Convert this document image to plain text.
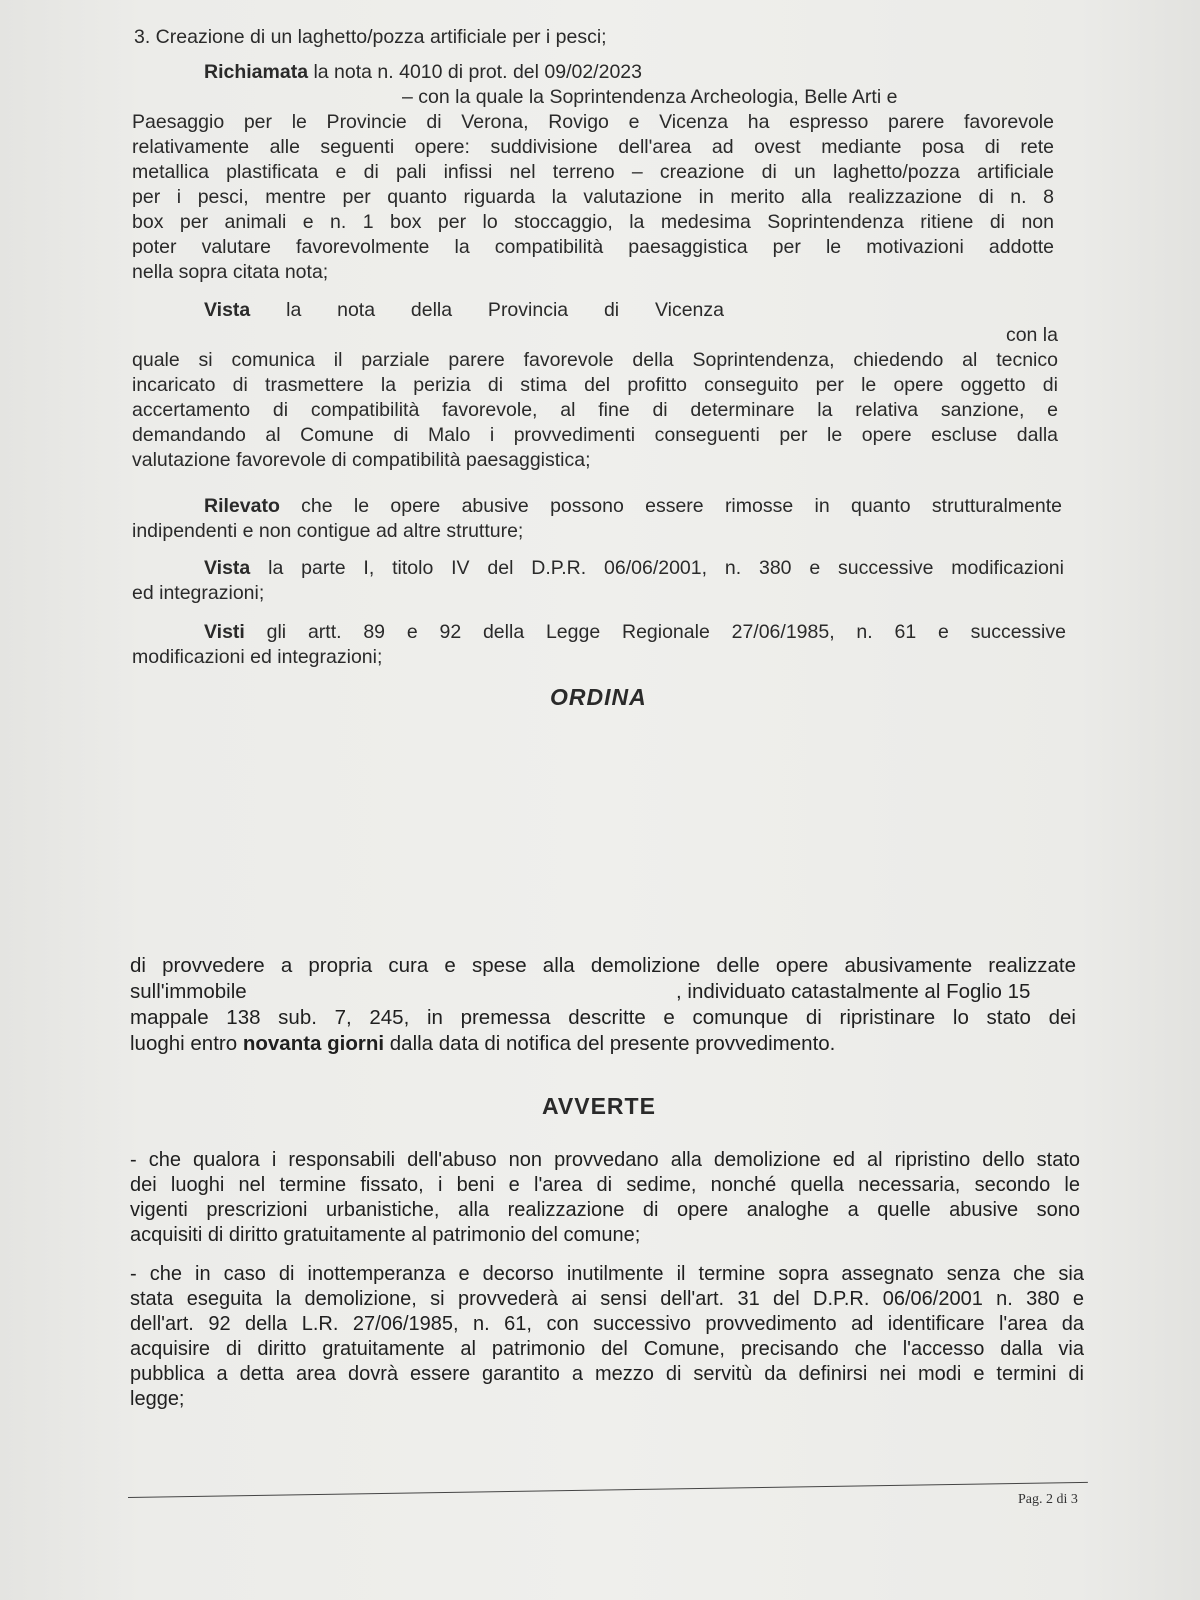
3. Creazione di un laghetto/pozza artificiale per i pesci;
Richiamata la nota n. 4010 di prot. del 09/02/2023
– con la quale la Soprintendenza Archeologia, Belle Arti e
Paesaggio per le Provincie di Verona, Rovigo e Vicenza ha espresso parere favorevole
relativamente alle seguenti opere: suddivisione dell'area ad ovest mediante posa di rete
metallica plastificata e di pali infissi nel terreno – creazione di un laghetto/pozza artificiale
per i pesci, mentre per quanto riguarda la valutazione in merito alla realizzazione di n. 8
box per animali e n. 1 box per lo stoccaggio, la medesima Soprintendenza ritiene di non
poter valutare favorevolmente la compatibilità paesaggistica per le motivazioni addotte
nella sopra citata nota;
Vista la nota della Provincia di Vicenza
con la
quale si comunica il parziale parere favorevole della Soprintendenza, chiedendo al tecnico
incaricato di trasmettere la perizia di stima del profitto conseguito per le opere oggetto di
accertamento di compatibilità favorevole, al fine di determinare la relativa sanzione, e
demandando al Comune di Malo i provvedimenti conseguenti per le opere escluse dalla
valutazione favorevole di compatibilità paesaggistica;
Rilevato che le opere abusive possono essere rimosse in quanto strutturalmente
indipendenti e non contigue ad altre strutture;
Vista la parte I, titolo IV del D.P.R. 06/06/2001, n. 380 e successive modificazioni
ed integrazioni;
Visti gli artt. 89 e 92 della Legge Regionale 27/06/1985, n. 61 e successive
modificazioni ed integrazioni;
ORDINA
di provvedere a propria cura e spese alla demolizione delle opere abusivamente realizzate
sull'immobile	, individuato catastalmente al Foglio 15
mappale 138 sub. 7, 245, in premessa descritte e comunque di ripristinare lo stato dei
luoghi entro novanta giorni dalla data di notifica del presente provvedimento.
AVVERTE
- che qualora i responsabili dell'abuso non provvedano alla demolizione ed al ripristino dello stato
dei luoghi nel termine fissato, i beni e l'area di sedime, nonché quella necessaria, secondo le
vigenti prescrizioni urbanistiche, alla realizzazione di opere analoghe a quelle abusive sono
acquisiti di diritto gratuitamente al patrimonio del comune;
- che in caso di inottemperanza e decorso inutilmente il termine sopra assegnato senza che sia
stata eseguita la demolizione, si provvederà ai sensi dell'art. 31 del D.P.R. 06/06/2001 n. 380 e
dell'art. 92 della L.R. 27/06/1985, n. 61, con successivo provvedimento ad identificare l'area da
acquisire di diritto gratuitamente al patrimonio del Comune, precisando che l'accesso dalla via
pubblica a detta area dovrà essere garantito a mezzo di servitù da definirsi nei modi e termini di
legge;
Pag. 2 di 3
